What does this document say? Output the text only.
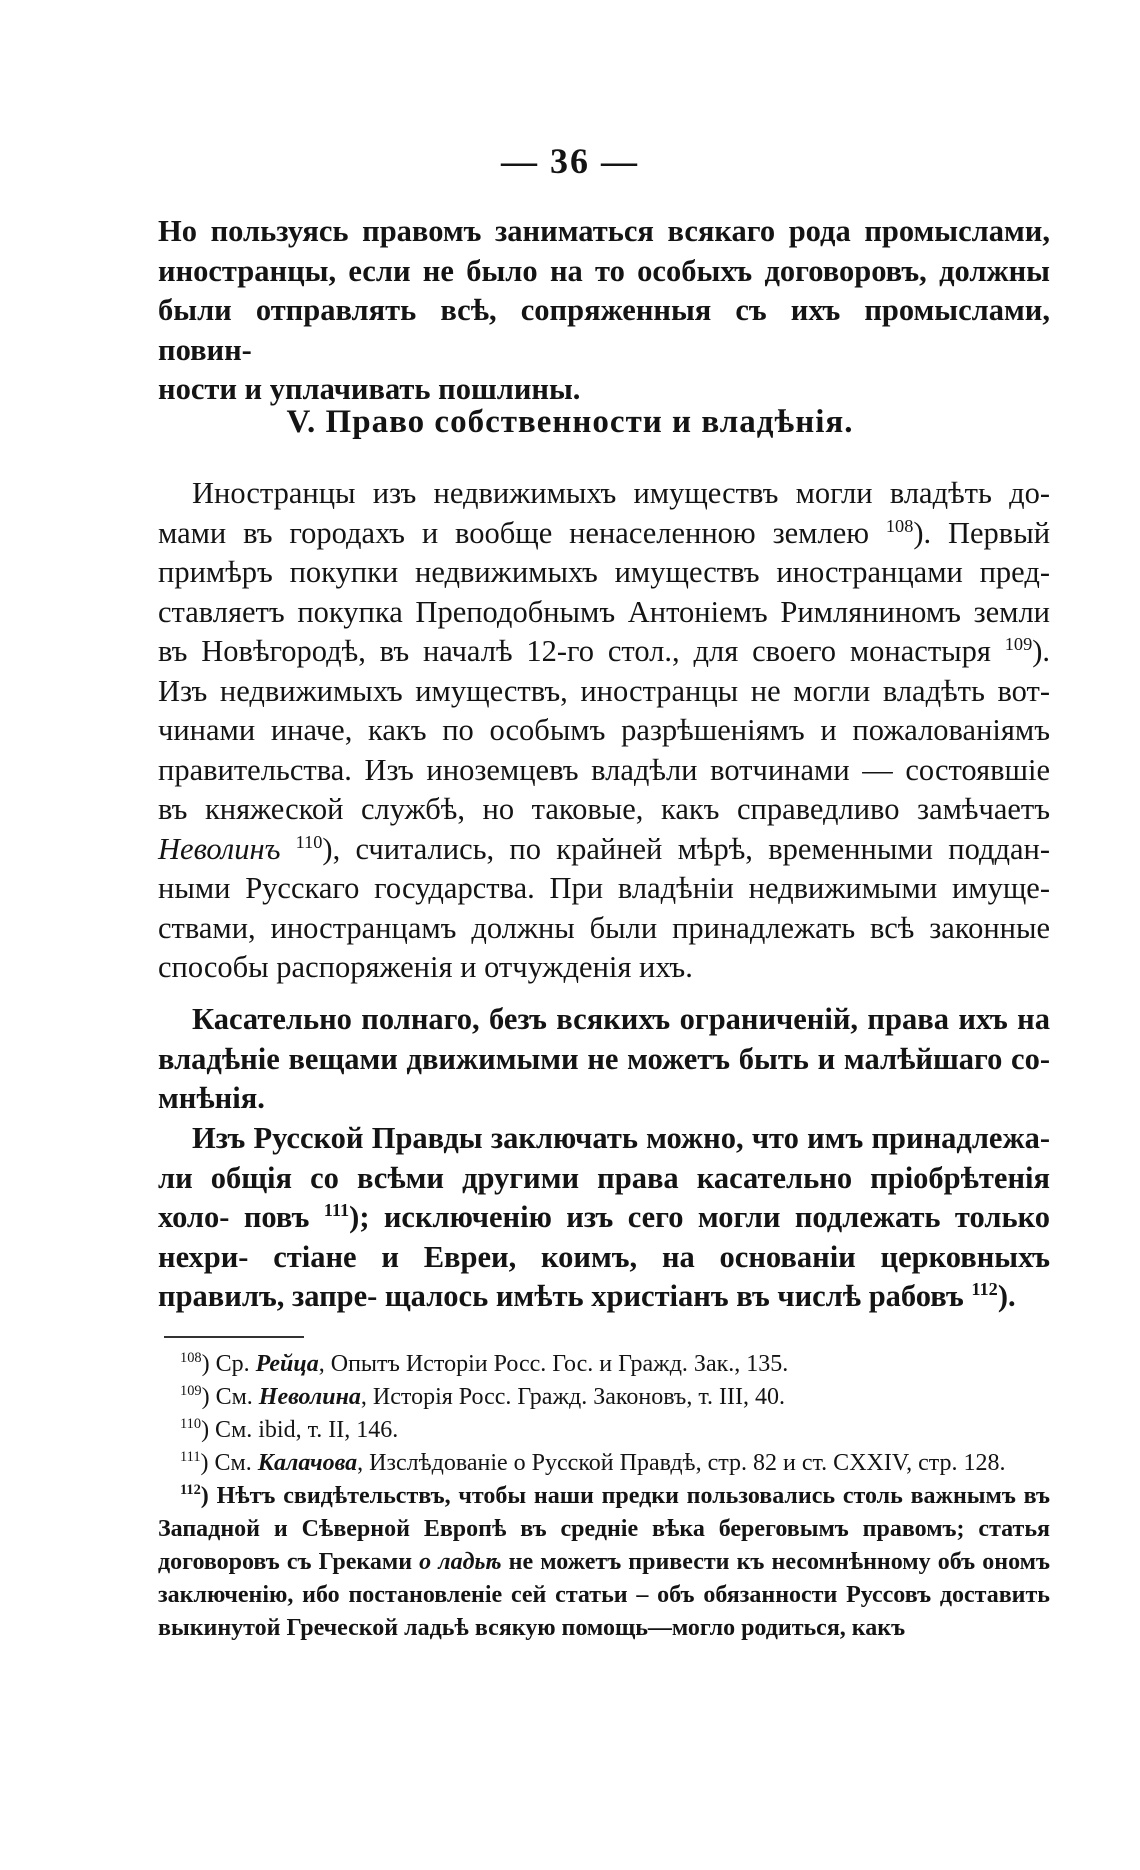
— 36 —
Но пользуясь правомъ заниматься всякаго рода промыслами,
иностранцы, если не было на то особыхъ договоровъ, должны
были отправлять всѣ, сопряженныя съ ихъ промыслами, повин-
ности и уплачивать пошлины.
V. Право собственности и владѣнія.

Иностранцы изъ недвижимыхъ имуществъ могли владѣть до- мами въ городахъ и вообще ненаселенною землею $^{108}$). Первый примѣръ покупки недвижимыхъ имуществъ иностранцами пред- ставляетъ покупка Преподобнымъ Антоніемъ Римляниномъ земли въ Новѣгородѣ, въ началѣ 12-го стол., для своего монастыря $^{109}$). Изъ недвижимыхъ имуществъ, иностранцы не могли владѣть вот- чинами иначе, какъ по особымъ разрѣшеніямъ и пожалованіямъ правительства. Изъ иноземцевъ владѣли вотчинами — состоявшіе въ княжеской службѣ, но таковые, какъ справедливо замѣчаетъ Неволинъ $^{110}$), считались, по крайней мѣрѣ, временными поддан- ными Русскаго государства. При владѣніи недвижимыми имуще- ствами, иностранцамъ должны были принадлежать всѣ законные способы распоряженія и отчужденія ихъ.

Касательно полнаго, безъ всякихъ ограниченій, права ихъ на владѣніе вещами движимыми не можетъ быть и малѣйшаго со- мнѣнія.

Изъ Русской Правды заключать можно, что имъ принадлежа- ли общія со всѣми другими права касательно пріобрѣтенія холо- повъ $^{111}$); исключенію изъ сего могли подлежать только нехри- стіане и Евреи, коимъ, на основаніи церковныхъ правилъ, запре- щалось имѣть христіанъ въ числѣ рабовъ $^{112}$).

$^{108}$) Ср. Рейца, Опытъ Исторіи Росс. Гос. и Гражд. Зак., 135.

$^{109}$) См. Неволина, Исторія Росс. Гражд. Законовъ, т. III, 40.

$^{110}$) См. ibid, т. II, 146.

$^{111}$) См. Калачова, Изслѣдованіе о Русской Правдѣ, стр. 82 и ст. CXXIV, стр. 128.

$^{112}$) Нѣтъ свидѣтельствъ, чтобы наши предки пользовались столь важнымъ въ Западной и Сѣверной Европѣ въ средніе вѣка береговымъ правомъ; статья договоровъ съ Греками о ладьѣ не можетъ привести къ несомнѣнному объ ономъ заключенію, ибо постановленіе сей статьи – объ обязанности Руссовъ доставить выкинутой Греческой ладьѣ всякую помощь—могло родиться, какъ
